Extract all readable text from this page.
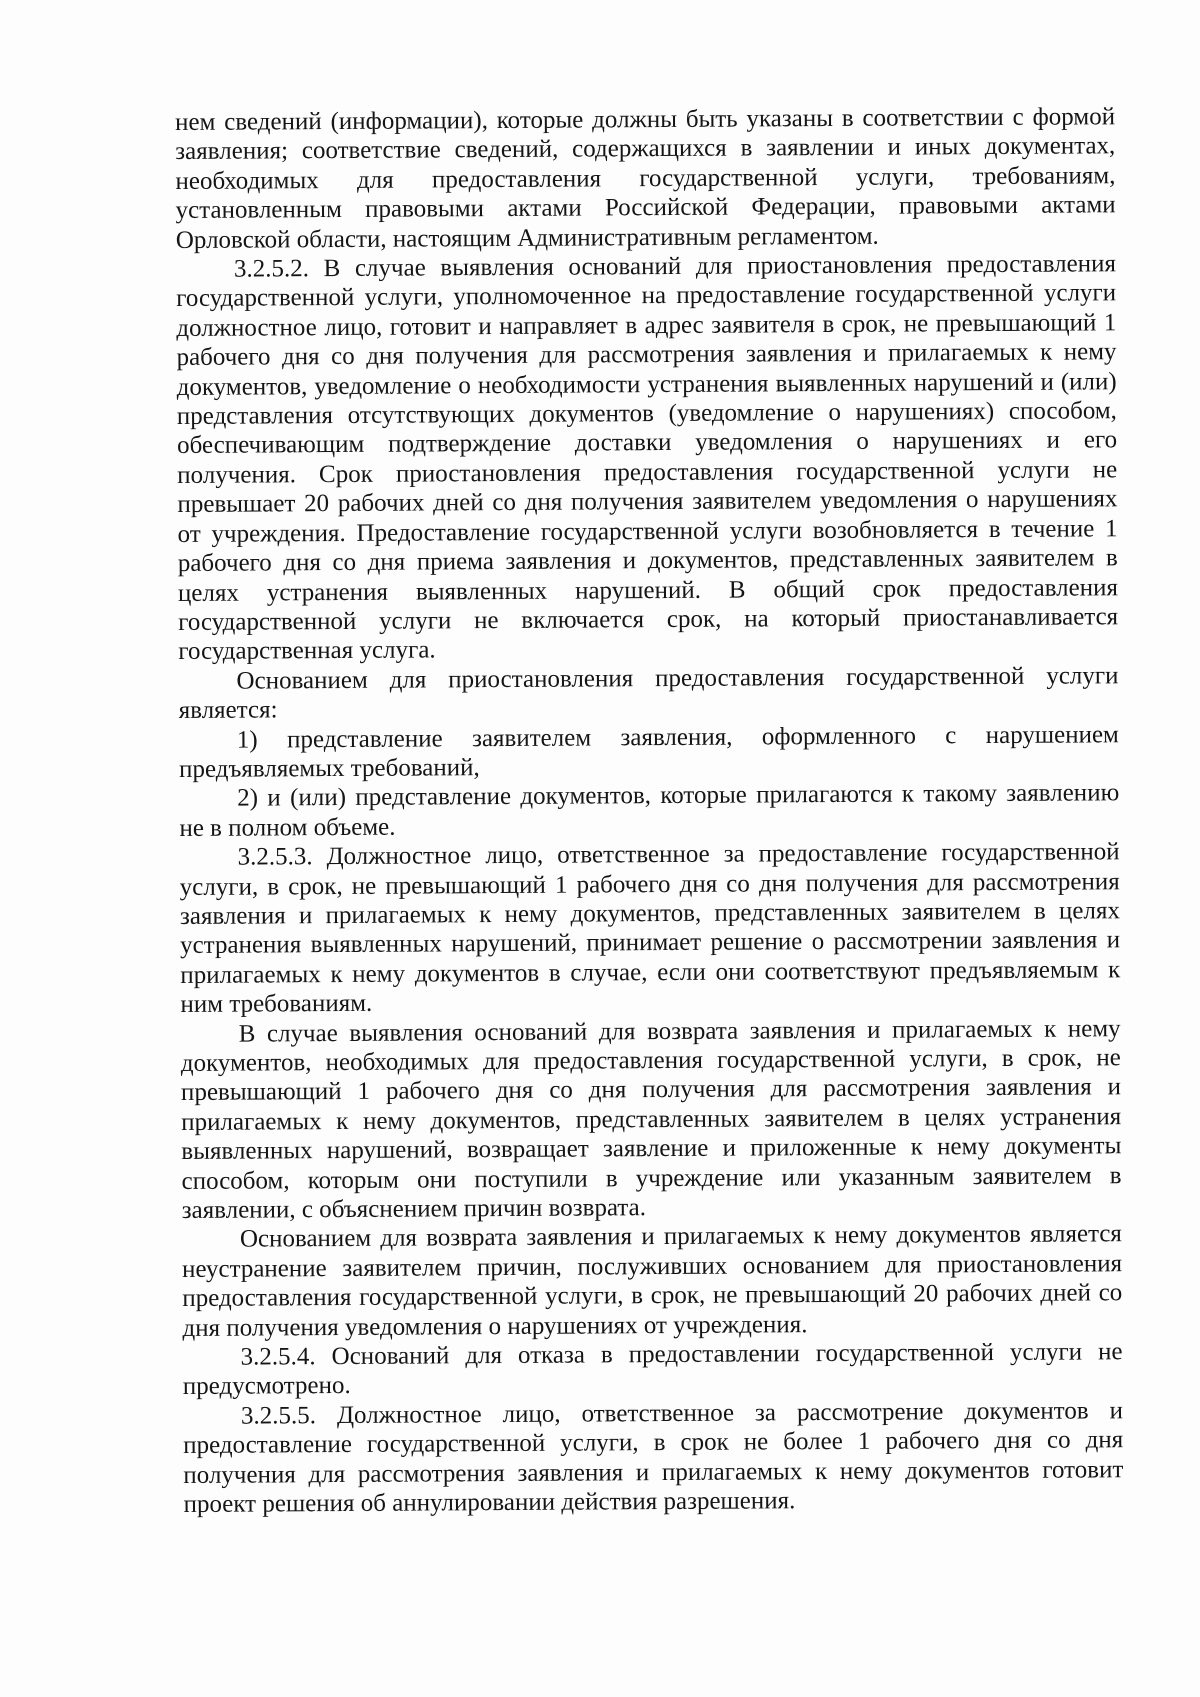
нем сведений (информации), которые должны быть указаны в соответствии с формой заявления; соответствие сведений, содержащихся в заявлении и иных документах, необходимых для предоставления государственной услуги, требованиям, установленным правовыми актами Российской Федерации, правовыми актами Орловской области, настоящим Административным регламентом.

3.2.5.2. В случае выявления оснований для приостановления предоставления государственной услуги, уполномоченное на предоставление государственной услуги должностное лицо, готовит и направляет в адрес заявителя в срок, не превышающий 1 рабочего дня со дня получения для рассмотрения заявления и прилагаемых к нему документов, уведомление о необходимости устранения выявленных нарушений и (или) представления отсутствующих документов (уведомление о нарушениях) способом, обеспечивающим подтверждение доставки уведомления о нарушениях и его получения. Срок приостановления предоставления государственной услуги не превышает 20 рабочих дней со дня получения заявителем уведомления о нарушениях от учреждения. Предоставление государственной услуги возобновляется в течение 1 рабочего дня со дня приема заявления и документов, представленных заявителем в целях устранения выявленных нарушений. В общий срок предоставления государственной услуги не включается срок, на который приостанавливается государственная услуга.

Основанием для приостановления предоставления государственной услуги является:

1) представление заявителем заявления, оформленного с нарушением предъявляемых требований,

2) и (или) представление документов, которые прилагаются к такому заявлению не в полном объеме.

3.2.5.3. Должностное лицо, ответственное за предоставление государственной услуги, в срок, не превышающий 1 рабочего дня со дня получения для рассмотрения заявления и прилагаемых к нему документов, представленных заявителем в целях устранения выявленных нарушений, принимает решение о рассмотрении заявления и прилагаемых к нему документов в случае, если они соответствуют предъявляемым к ним требованиям.

В случае выявления оснований для возврата заявления и прилагаемых к нему документов, необходимых для предоставления государственной услуги, в срок, не превышающий 1 рабочего дня со дня получения для рассмотрения заявления и прилагаемых к нему документов, представленных заявителем в целях устранения выявленных нарушений, возвращает заявление и приложенные к нему документы способом, которым они поступили в учреждение или указанным заявителем в заявлении, с объяснением причин возврата.

Основанием для возврата заявления и прилагаемых к нему документов является неустранение заявителем причин, послуживших основанием для приостановления предоставления государственной услуги, в срок, не превышающий 20 рабочих дней со дня получения уведомления о нарушениях от учреждения.

3.2.5.4. Оснований для отказа в предоставлении государственной услуги не предусмотрено.

3.2.5.5. Должностное лицо, ответственное за рассмотрение документов и предоставление государственной услуги, в срок не более 1 рабочего дня со дня получения для рассмотрения заявления и прилагаемых к нему документов готовит проект решения об аннулировании действия разрешения.
